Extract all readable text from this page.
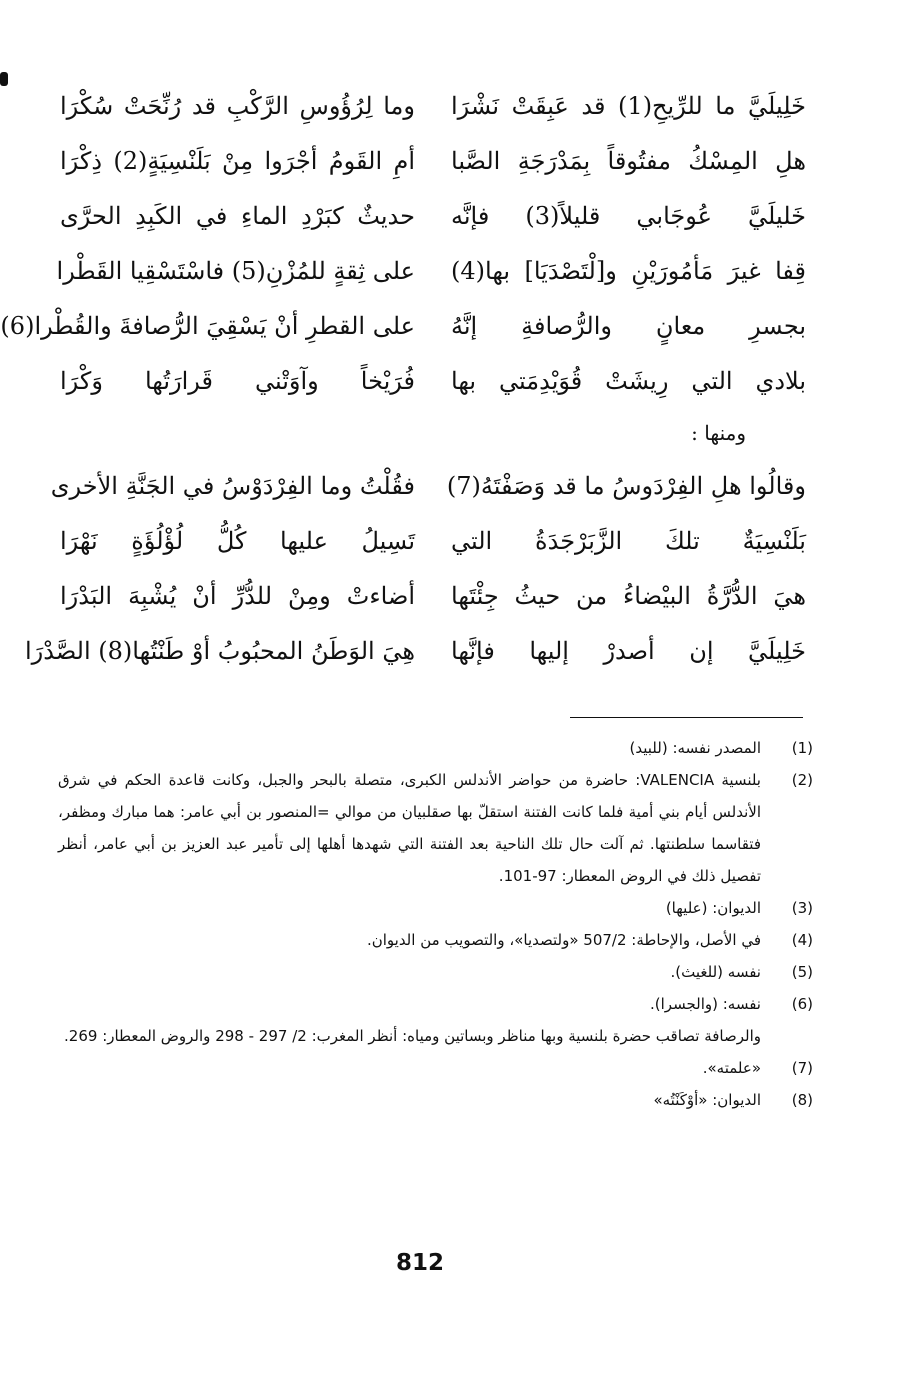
خَلِيلَيَّ ما للرِّيحِ(1) قد عَبِقَتْ نَشْرَا
وما لِرُؤُوسِ الرَّكْبِ قد رُنِّحَتْ سُكْرَا
هلِ المِسْكُ مفتُوقاً بِمَدْرَجَةِ الصَّبا
أمِ القَومُ أجْرَوا مِنْ بَلَنْسِيَةٍ(2) ذِكْرَا
خَليلَيَّ عُوجَابي قليلاً(3) فإنَّه
حديثٌ كبَرْدِ الماءِ في الكَبِدِ الحرَّى
قِفا غيرَ مَأمُورَيْنِ و[لْتَصْدَيَا] بها(4)
على ثِقةٍ للمُزْنِ(5) فاسْتَسْقِيا القَطْرا
بجسرِ معانٍ والرُّصافةِ إنَّهُ
على القطرِ أنْ يَسْقِيَ الرُّصافةَ والقُطْرا(6)
بلادي التي رِيشَتْ قُوَيْدِمَتي بها
فُرَيْخاً وآوَتْني قَرارَتُها وَكْرَا
ومنها :
وقالُوا هلِ الفِرْدَوسُ ما قد وَصَفْتَهُ(7)
فقُلْتُ وما الفِرْدَوْسُ في الجَنَّةِ الأخرى
بَلَنْسِيَةٌ تلكَ الزَّبَرْجَدَةُ التي
تَسِيلُ عليها كُلُّ لُؤْلُؤَةٍ نَهْرَا
هيَ الدُّرَّةُ البيْضاءُ من حيثُ جِئْتَها
أضاءتْ ومِنْ للدُّرِّ أنْ يُشْبِهَ البَدْرَا
خَلِيلَيَّ إن أصدرْ إليها فإنَّها
هِيَ الوَطَنُ المحبُوبُ أوْ طَنْتُها(8) الصَّدْرَا
(1)
المصدر نفسه: (للبيد)
(2)
بلنسية VALENCIA: حاضرة من حواضر الأندلس الكبرى، متصلة بالبحر والجبل، وكانت قاعدة الحكم في شرق الأندلس أيام بني أمية فلما كانت الفتنة استقلّ بها صقلبيان من موالي =المنصور بن أبي عامر: هما مبارك ومظفر، فتقاسما سلطنتها. ثم آلت حال تلك الناحية بعد الفتنة التي شهدها أهلها إلى تأمير عبد العزيز بن أبي عامر، أنظر تفصيل ذلك في الروض المعطار: 97-101.
(3)
الديوان: (عليها)
(4)
في الأصل، والإحاطة: 507/2 «ولتصديا»، والتصويب من الديوان.
(5)
نفسه (للغيث).
(6)
نفسه: (والجسرا).
والرصافة تصاقب حضرة بلنسية وبها مناظر وبساتين ومياه: أنظر المغرب: 2/ 297 - 298 والروض المعطار: 269.
(7)
«علمته».
(8)
الديوان: «أوْكَنْتُه»
812
